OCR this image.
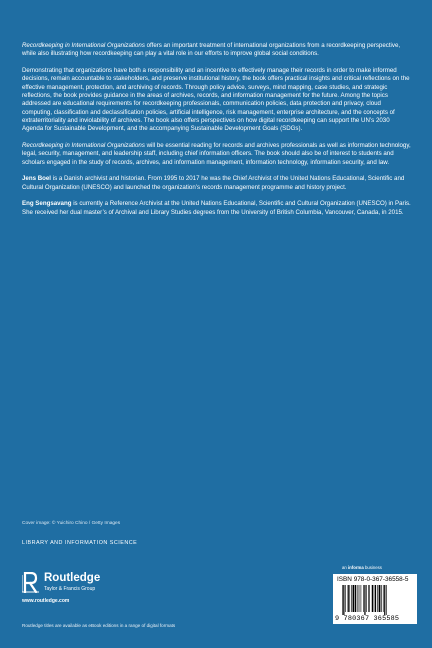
Recordkeeping in International Organizations offers an important treatment of international organizations from a recordkeeping perspective, while also illustrating how recordkeeping can play a vital role in our efforts to improve global social conditions.

Demonstrating that organizations have both a responsibility and an incentive to effectively manage their records in order to make informed decisions, remain accountable to stakeholders, and preserve institutional history, the book offers practical insights and critical reflections on the effective management, protection, and archiving of records. Through policy advice, surveys, mind mapping, case studies, and strategic reflections, the book provides guidance in the areas of archives, records, and information management for the future. Among the topics addressed are educational requirements for recordkeeping professionals, communication policies, data protection and privacy, cloud computing, classification and declassification policies, artificial intelligence, risk management, enterprise architecture, and the concepts of extraterritoriality and inviolability of archives. The book also offers perspectives on how digital recordkeeping can support the UN’s 2030 Agenda for Sustainable Development, and the accompanying Sustainable Development Goals (SDGs).

Recordkeeping in International Organizations will be essential reading for records and archives professionals as well as information technology, legal, security, management, and leadership staff, including chief information officers. The book should also be of interest to students and scholars engaged in the study of records, archives, and information management, information technology, information security, and law.

Jens Boel is a Danish archivist and historian. From 1995 to 2017 he was the Chief Archivist of the United Nations Educational, Scientific and Cultural Organization (UNESCO) and launched the organization’s records management programme and history project.

Eng Sengsavang is currently a Reference Archivist at the United Nations Educational, Scientific and Cultural Organization (UNESCO) in Paris. She received her dual master’s of Archival and Library Studies degrees from the University of British Columbia, Vancouver, Canada, in 2015.

Cover image: © Yuichiro Chino / Getty Images
LIBRARY AND INFORMATION SCIENCE
an informa business
Routledge
Taylor & Francis Group
www.routledge.com
Routledge titles are available as eBook editions in a range of digital formats
ISBN 978-0-367-36558-5
9 780367 365585
